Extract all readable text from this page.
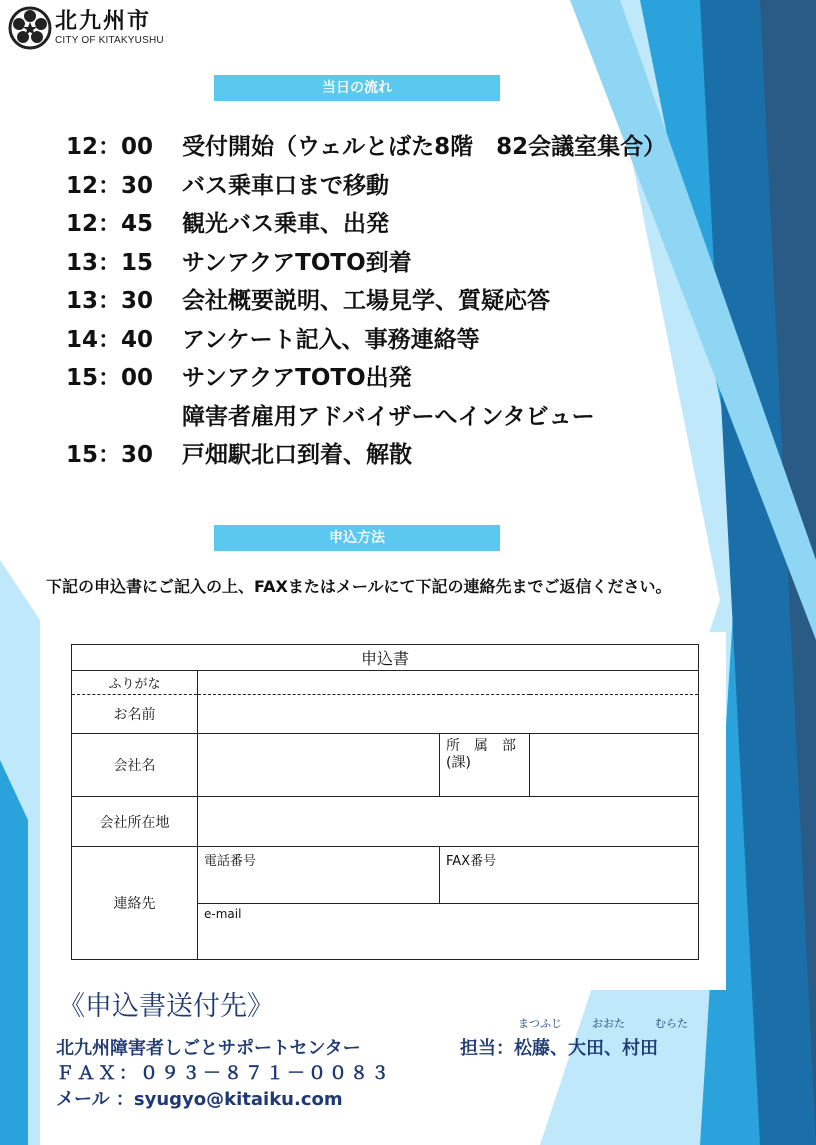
北九州市
CITY OF KITAKYUSHU
当日の流れ
12：00	受付開始（ウェルとばた8階　82会議室集合）
12：30	バス乗車口まで移動
12：45	観光バス乗車、出発
13：15	サンアクアTOTO到着
13：30	会社概要説明、工場見学、質疑応答
14：40	アンケート記入、事務連絡等
15：00	サンアクアTOTO出発
障害者雇用アドバイザーへインタビュー
15：30	戸畑駅北口到着、解散
申込方法
下記の申込書にご記入の上、FAXまたはメールにて下記の連絡先までご返信ください。
申込書			
ふりがな			
お名前			
会社名		所　属　部
(課)	
会社所在地			
連絡先	電話番号	FAX番号	
	e-mail		
《申込書送付先》
北九州障害者しごとサポートセンター
ＦＡＸ：０９３－８７１－００８３
メール ：syugyo@kitaiku.com
まつふじ	おおた	むらた
担当：松藤、大田、村田
